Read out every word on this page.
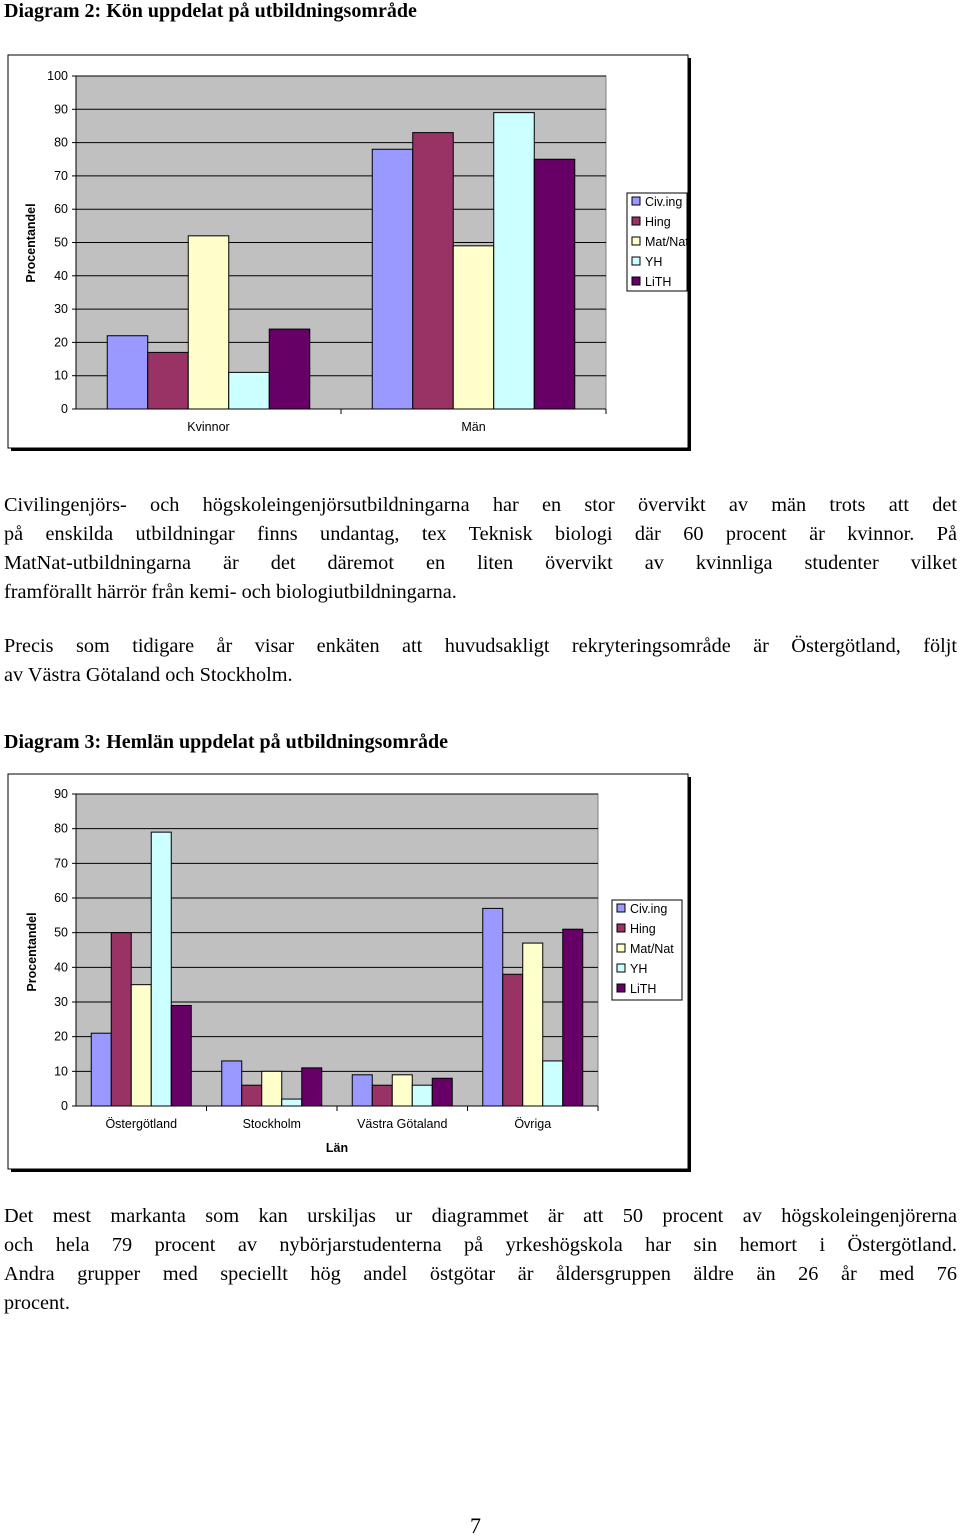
Diagram 2: Kön uppdelat på utbildningsområde
0
10
20
30
40
50
60
70
80
90
100
Kvinnor	Män
Procentandel
Civ.ing
Hing
Mat/Nat
YH
LiTH
Civilingenjörs- och högskoleingenjörsutbildningarna har en stor övervikt av män trots att det
på enskilda utbildningar finns undantag, tex Teknisk biologi där 60 procent är kvinnor. På
MatNat-utbildningarna är det däremot en liten övervikt av kvinnliga studenter vilket
framförallt härrör från kemi- och biologiutbildningarna.
Precis som tidigare år visar enkäten att huvudsakligt rekryteringsområde är Östergötland, följt
av Västra Götaland och Stockholm.
Diagram 3: Hemlän uppdelat på utbildningsområde
0
10
20
30
40
50
60
70
80
90
Östergötland	Stockholm	Västra Götaland	Övriga
Procentandel
Län
Civ.ing
Hing
Mat/Nat
YH
LiTH
Det mest markanta som kan urskiljas ur diagrammet är att 50 procent av högskoleingenjörerna
och hela 79 procent av nybörjarstudenterna på yrkeshögskola har sin hemort i Östergötland.
Andra grupper med speciellt hög andel östgötar är åldersgruppen äldre än 26 år med 76
procent.
7
